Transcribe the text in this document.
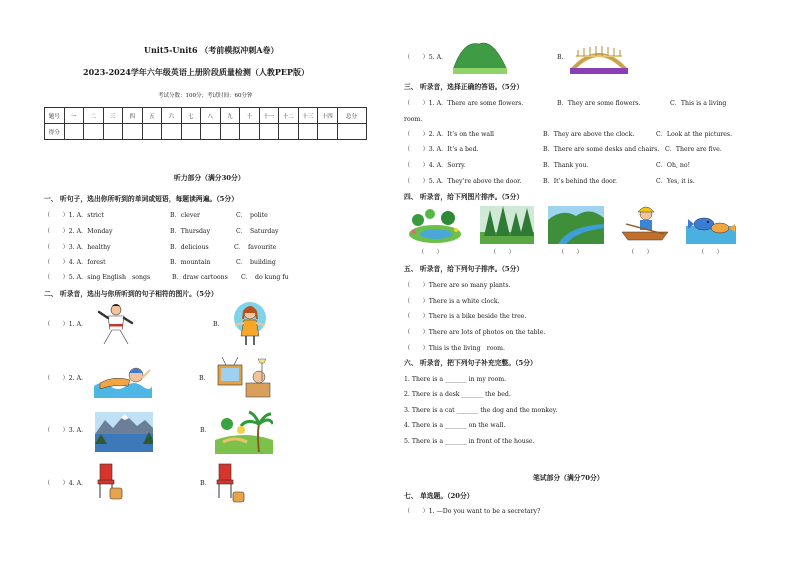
Unit5-Unit6 （考前模拟冲刺A卷）
2023-2024学年六年级英语上册阶段质量检测（人教PEP版）
考试分数：100分；考试时间：60分钟
题号	一	二	三	四	五	六	七	八	九	十	十一	十二	十三	十四	总分
得分															
听力部分（满分30分）
一、 听句子，选出你所听到的单词或短语，每题读两遍。（5分）
（　　）1. A．strict	B．clever	C．　polite
（　　）2. A．Monday	B．Thursday	C．　Saturday
（　　）3. A．healthy	B．delicious	C．　favourite
（　　）4. A．forest	B．mountain	C．　building
（　　）5. A．sing English　songs	B．draw cartoons C．　do kung fu
二、 听录音，选出与你所听到的句子相符的图片。（5分）
（　　）1. A．	B．
（　　）2. A．	B．
（　　）3. A．	B．
（　　）4. A．	B．
（　　）5. A．	B．
三、 听录音，选择正确的答语。（5分）
（　　）1. A．There are some flowers.	B．They are some flowers.	C．This is a living
room.
（　　）2. A．It’s on the wall	B．They are above the clock.	C．Look at the pictures.
（　　）3. A．It’s a bed.	B．There are some desks and chairs. C．There are five.
（　　）4. A．Sorry.	B．Thank you.	C．Oh, no!
（　　）5. A．They’re above the door.	B．It’s behind the door.	C．Yes, it is.
四、 听录音，给下列图片排序。（5分）
（　　）	（　　）	（　　）	（　　）	（　　）
五、 听录音，给下列句子排序。（5分）
（　　）There are so many plants.
（　　）There is a white clock.
（　　）There is a bike beside the tree.
（　　）There are lots of photos on the table.
（　　）This is the living　room.
六、 听录音，把下列句子补充完整。（5分）
1. There is a _______ in my room.
2. There is a desk _______ the bed.
3. There is a cat _______ the dog and the monkey.
4. There is a _______ on the wall.
5. There is a _______ in front of the house.
笔试部分（满分70分）
七、 单选题。（20分）
（　　）1. —Do you want to be a secretary?
